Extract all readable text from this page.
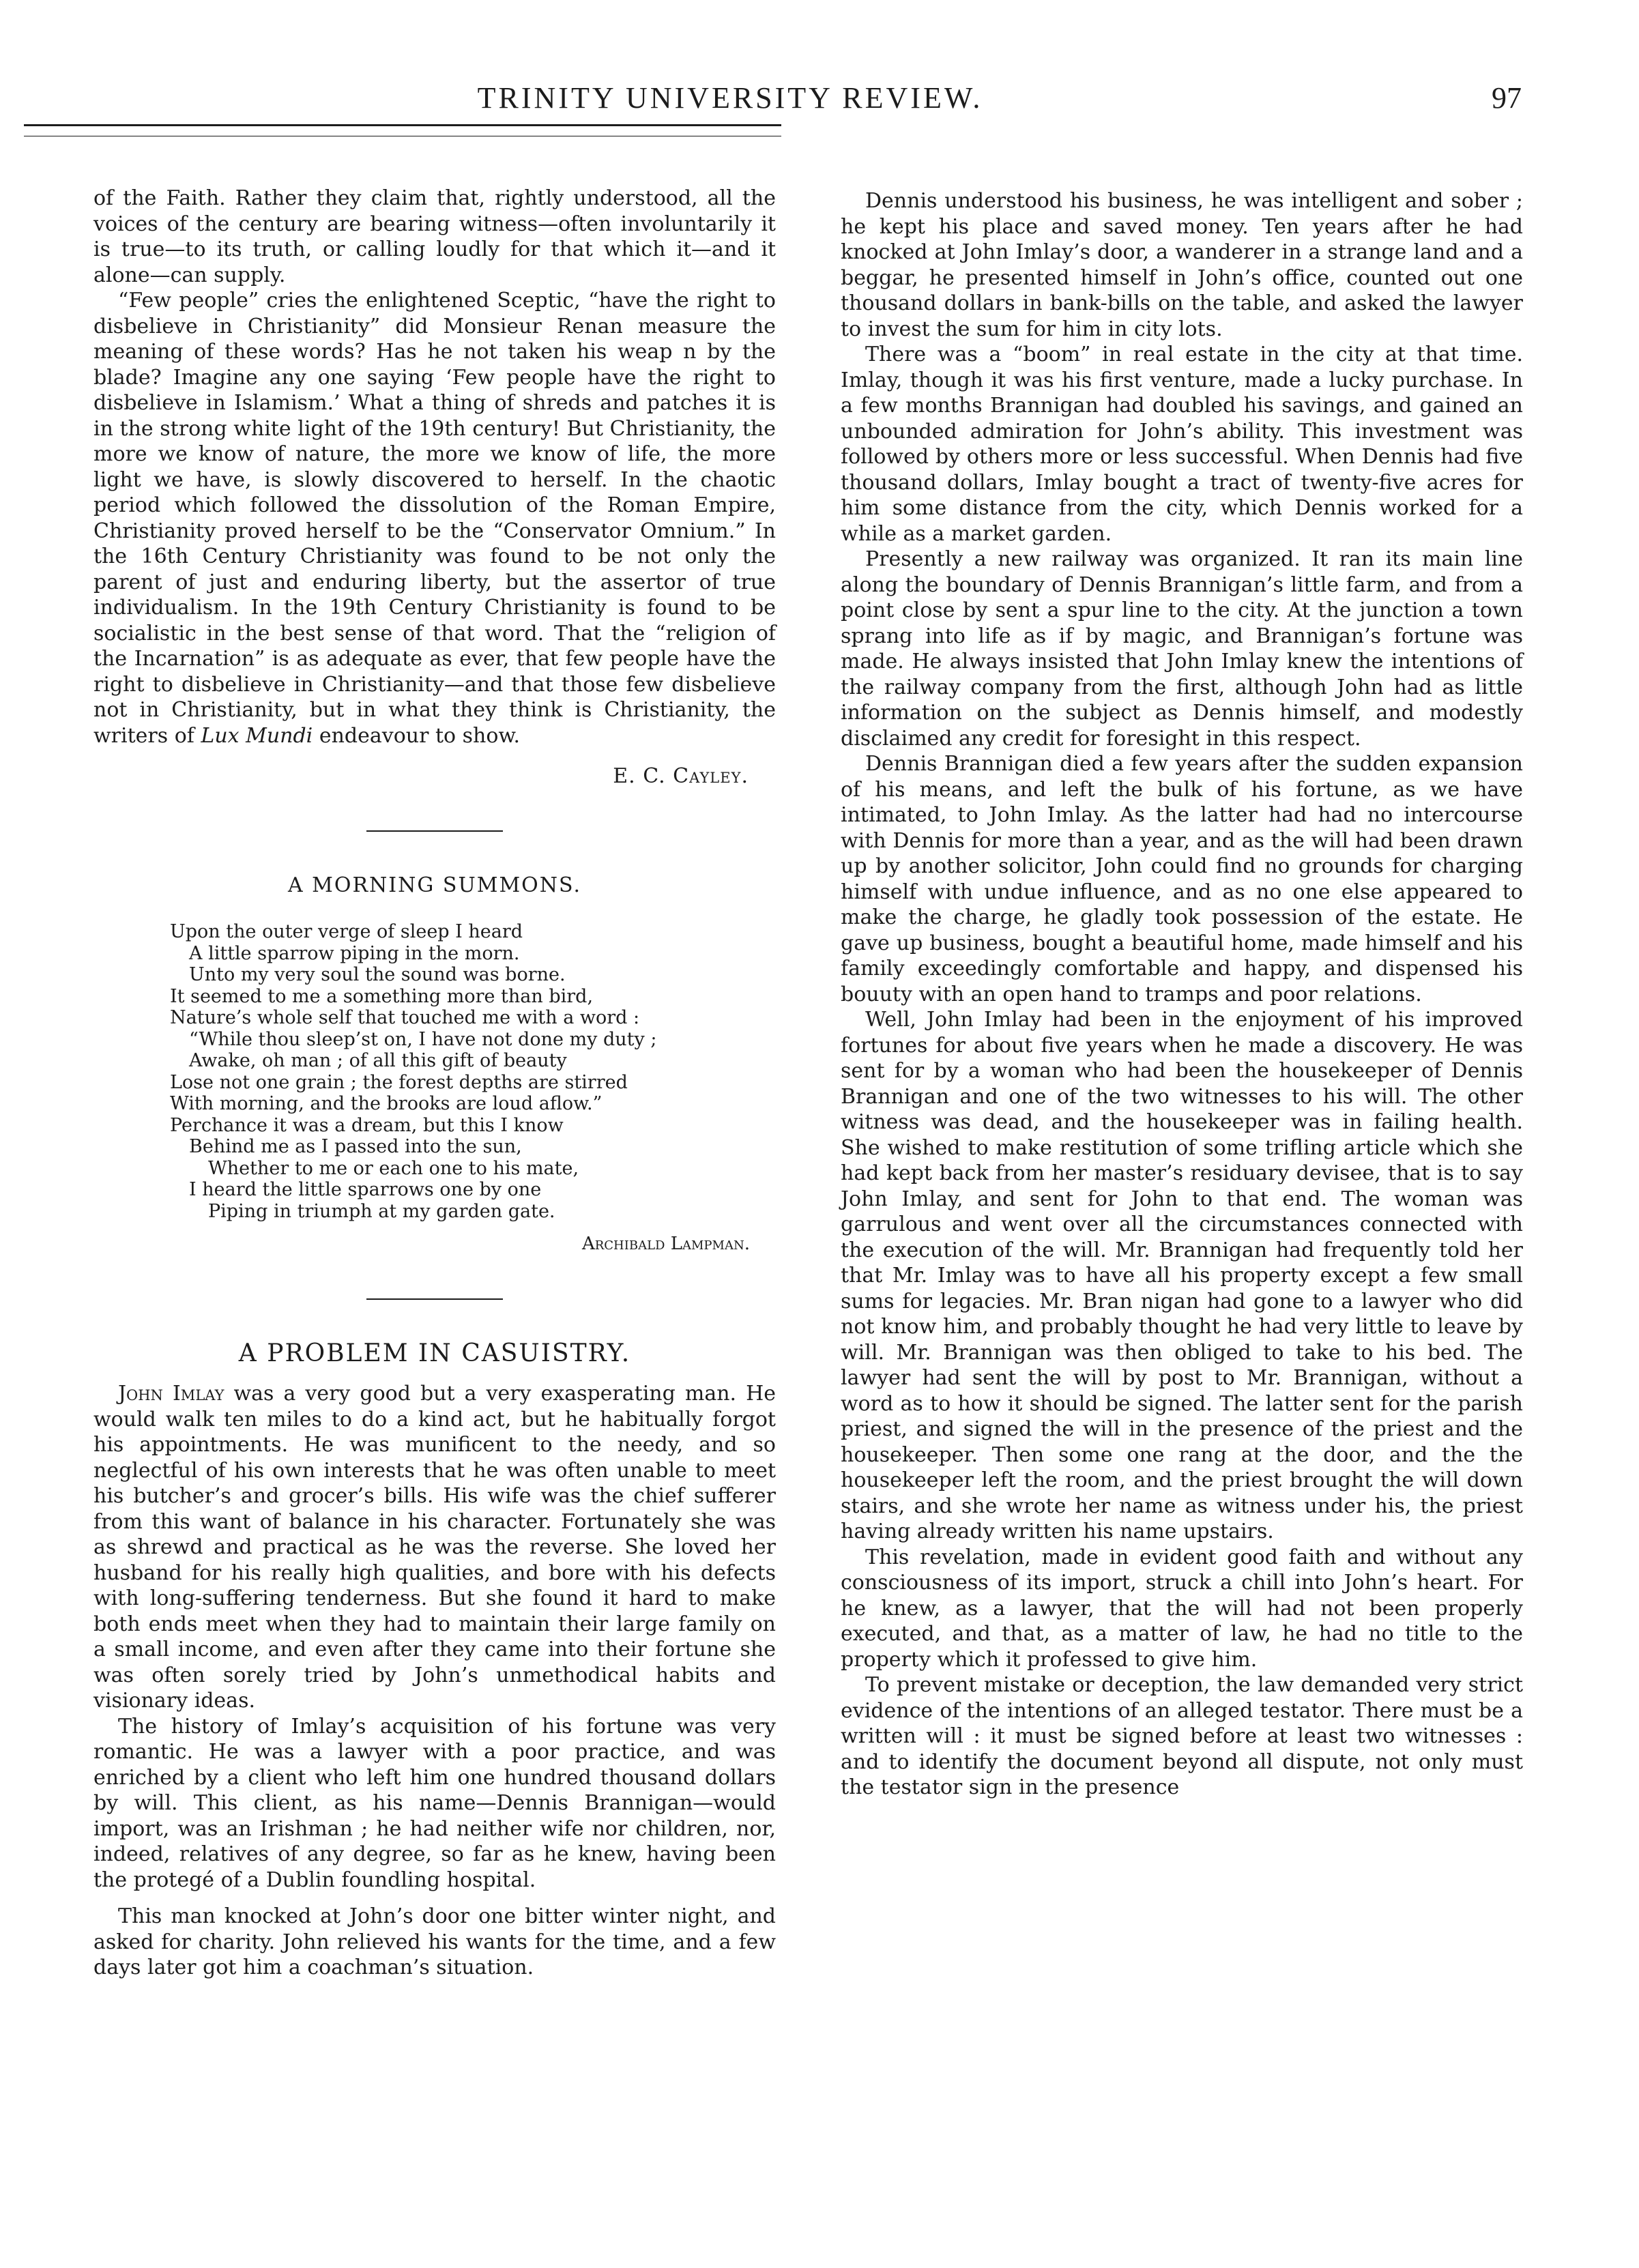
TRINITY UNIVERSITY REVIEW.	97

of the Faith. Rather they claim that, rightly understood, all the voices of the century are bearing witness—often involuntarily it is true—to its truth, or calling loudly for that which it—and it alone—can supply.

“Few people” cries the enlightened Sceptic, “have the right to disbelieve in Christianity” did Monsieur Renan measure the meaning of these words? Has he not taken his weap n by the blade? Imagine any one saying ‘Few people have the right to disbelieve in Islamism.’ What a thing of shreds and patches it is in the strong white light of the 19th century! But Christianity, the more we know of nature, the more we know of life, the more light we have, is slowly discovered to herself. In the chaotic period which followed the dissolution of the Roman Empire, Christianity proved herself to be the “Conservator Omnium.” In the 16th Century Christianity was found to be not only the parent of just and enduring liberty, but the assertor of true individualism. In the 19th Century Christianity is found to be socialistic in the best sense of that word. That the “religion of the Incarnation” is as adequate as ever, that few people have the right to disbelieve in Christianity—and that those few disbelieve not in Christianity, but in what they think is Christianity, the writers of Lux Mundi endeavour to show.

E. C. Cayley.
A MORNING SUMMONS.
Upon the outer verge of sleep I heard
A little sparrow piping in the morn.
Unto my very soul the sound was borne.
It seemed to me a something more than bird,
Nature’s whole self that touched me with a word :
“While thou sleep’st on, I have not done my duty ;
Awake, oh man ; of all this gift of beauty
Lose not one grain ; the forest depths are stirred
With morning, and the brooks are loud aflow.”
Perchance it was a dream, but this I know
Behind me as I passed into the sun,
Whether to me or each one to his mate,
I heard the little sparrows one by one
Piping in triumph at my garden gate.
Archibald Lampman.
A PROBLEM IN CASUISTRY.

John Imlay was a very good but a very exasperating man. He would walk ten miles to do a kind act, but he habitually forgot his appointments. He was munificent to the needy, and so neglectful of his own interests that he was often unable to meet his butcher’s and grocer’s bills. His wife was the chief sufferer from this want of balance in his character. Fortunately she was as shrewd and practical as he was the reverse. She loved her husband for his really high qualities, and bore with his defects with long-suffering tenderness. But she found it hard to make both ends meet when they had to maintain their large family on a small income, and even after they came into their fortune she was often sorely tried by John’s unmethodical habits and visionary ideas.

The history of Imlay’s acquisition of his fortune was very romantic. He was a lawyer with a poor practice, and was enriched by a client who left him one hundred thousand dollars by will. This client, as his name—Dennis Brannigan—would import, was an Irishman ; he had neither wife nor children, nor, indeed, relatives of any degree, so far as he knew, having been the protegé of a Dublin foundling hospital.

This man knocked at John’s door one bitter winter night, and asked for charity. John relieved his wants for the time, and a few days later got him a coachman’s situation.

Dennis understood his business, he was intelligent and sober ; he kept his place and saved money. Ten years after he had knocked at John Imlay’s door, a wanderer in a strange land and a beggar, he presented himself in John’s office, counted out one thousand dollars in bank-bills on the table, and asked the lawyer to invest the sum for him in city lots.

There was a “boom” in real estate in the city at that time. Imlay, though it was his first venture, made a lucky purchase. In a few months Brannigan had doubled his savings, and gained an unbounded admiration for John’s ability. This investment was followed by others more or less successful. When Dennis had five thousand dollars, Imlay bought a tract of twenty-five acres for him some distance from the city, which Dennis worked for a while as a market garden.

Presently a new railway was organized. It ran its main line along the boundary of Dennis Brannigan’s little farm, and from a point close by sent a spur line to the city. At the junction a town sprang into life as if by magic, and Brannigan’s fortune was made. He always insisted that John Imlay knew the intentions of the railway company from the first, although John had as little information on the subject as Dennis himself, and modestly disclaimed any credit for foresight in this respect.

Dennis Brannigan died a few years after the sudden expansion of his means, and left the bulk of his fortune, as we have intimated, to John Imlay. As the latter had had no intercourse with Dennis for more than a year, and as the will had been drawn up by another solicitor, John could find no grounds for charging himself with undue influence, and as no one else appeared to make the charge, he gladly took possession of the estate. He gave up business, bought a beautiful home, made himself and his family exceedingly comfortable and happy, and dispensed his bouuty with an open hand to tramps and poor relations.

Well, John Imlay had been in the enjoyment of his improved fortunes for about five years when he made a discovery. He was sent for by a woman who had been the housekeeper of Dennis Brannigan and one of the two witnesses to his will. The other witness was dead, and the housekeeper was in failing health. She wished to make restitution of some trifling article which she had kept back from her master’s residuary devisee, that is to say John Imlay, and sent for John to that end. The woman was garrulous and went over all the circumstances connected with the execution of the will. Mr. Brannigan had frequently told her that Mr. Imlay was to have all his property except a few small sums for legacies. Mr. Bran nigan had gone to a lawyer who did not know him, and probably thought he had very little to leave by will. Mr. Brannigan was then obliged to take to his bed. The lawyer had sent the will by post to Mr. Brannigan, without a word as to how it should be signed. The latter sent for the parish priest, and signed the will in the presence of the priest and the housekeeper. Then some one rang at the door, and the the housekeeper left the room, and the priest brought the will down stairs, and she wrote her name as witness under his, the priest having already written his name upstairs.

This revelation, made in evident good faith and without any consciousness of its import, struck a chill into John’s heart. For he knew, as a lawyer, that the will had not been properly executed, and that, as a matter of law, he had no title to the property which it professed to give him.

To prevent mistake or deception, the law demanded very strict evidence of the intentions of an alleged testator. There must be a written will : it must be signed before at least two witnesses : and to identify the document beyond all dispute, not only must the testator sign in the presence
